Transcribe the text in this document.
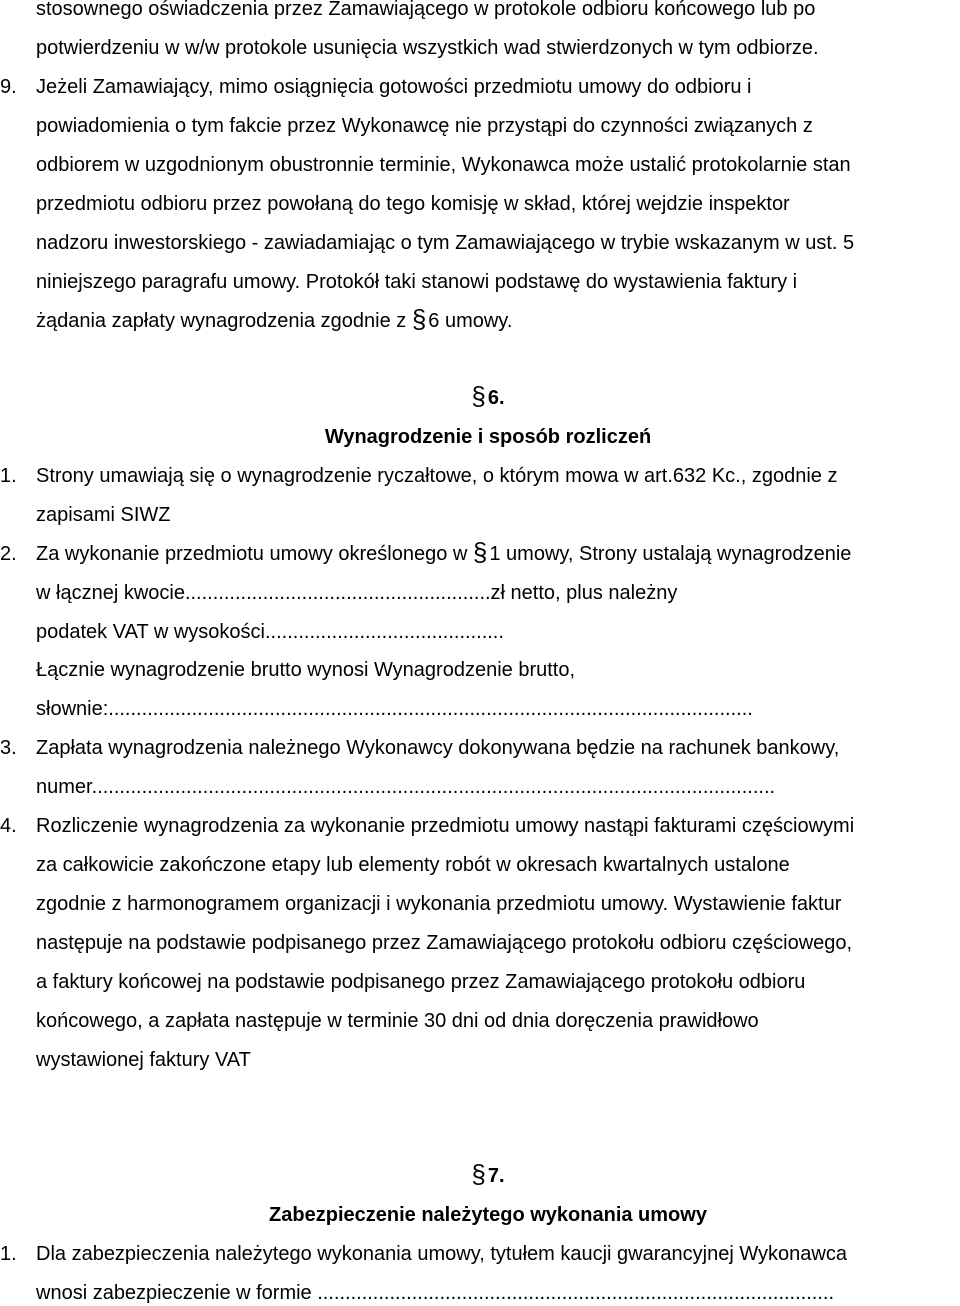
stosownego oświadczenia przez Zamawiającego w protokole odbioru końcowego lub po
potwierdzeniu w w/w protokole usunięcia wszystkich wad stwierdzonych w tym odbiorze.
9. Jeżeli Zamawiający, mimo osiągnięcia gotowości przedmiotu umowy do odbioru i
powiadomienia o tym fakcie przez Wykonawcę nie przystąpi do czynności związanych z
odbiorem w uzgodnionym obustronnie terminie, Wykonawca może ustalić protokolarnie stan
przedmiotu odbioru przez powołaną do tego komisję w skład, której wejdzie inspektor
nadzoru inwestorskiego - zawiadamiając o tym Zamawiającego w trybie wskazanym w ust. 5
niniejszego paragrafu umowy. Protokół taki stanowi podstawę do wystawienia faktury i
żądania zapłaty wynagrodzenia zgodnie z § 6 umowy.
§ 6.
Wynagrodzenie i sposób rozliczeń
1. Strony umawiają się o wynagrodzenie ryczałtowe, o którym mowa w art.632 Kc., zgodnie z
zapisami SIWZ
2. Za wykonanie przedmiotu umowy określonego w § 1 umowy, Strony ustalają wynagrodzenie
w łącznej kwocie.......................................................zł netto, plus należny
podatek VAT w wysokości...........................................
Łącznie wynagrodzenie brutto wynosi Wynagrodzenie brutto,
słownie:....................................................................................................................
3. Zapłata wynagrodzenia należnego Wykonawcy dokonywana będzie na rachunek bankowy,
numer...........................................................................................................................
4. Rozliczenie wynagrodzenia za wykonanie przedmiotu umowy nastąpi fakturami częściowymi
za całkowicie zakończone etapy lub elementy robót w okresach kwartalnych ustalone
zgodnie z harmonogramem organizacji i wykonania przedmiotu umowy. Wystawienie faktur
następuje na podstawie podpisanego przez Zamawiającego protokołu odbioru częściowego,
a faktury końcowej na podstawie podpisanego przez Zamawiającego protokołu odbioru
końcowego, a zapłata następuje w terminie 30 dni od dnia doręczenia prawidłowo
wystawionej faktury VAT
§ 7.
Zabezpieczenie należytego wykonania umowy
1. Dla zabezpieczenia należytego wykonania umowy, tytułem kaucji gwarancyjnej Wykonawca
wnosi zabezpieczenie w formie .............................................................................................
